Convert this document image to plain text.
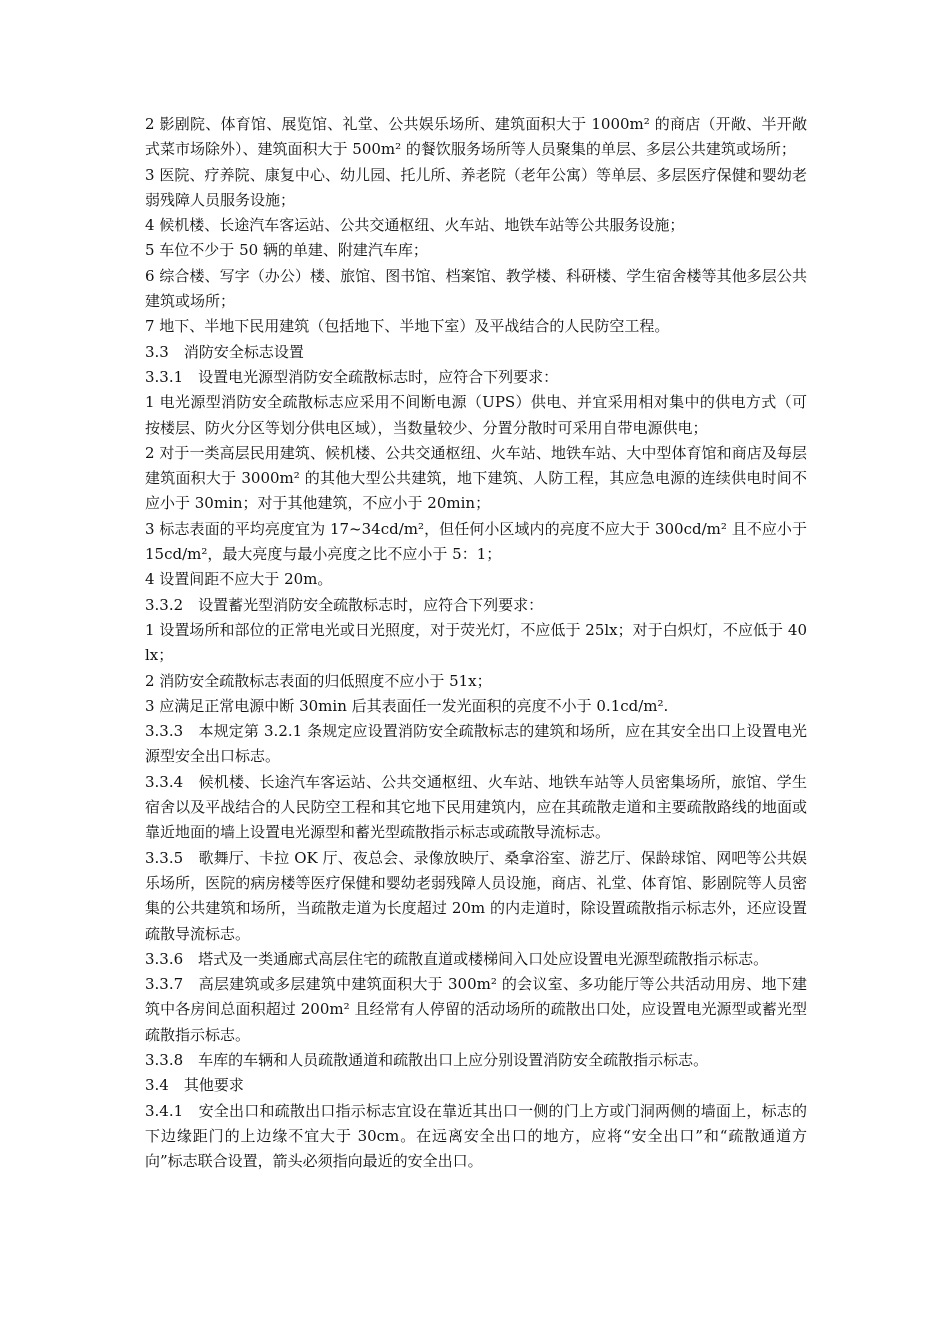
2 影剧院、体育馆、展览馆、礼堂、公共娱乐场所、建筑面积大于 1000m² 的商店（开敞、半开敞式菜市场除外）、建筑面积大于 500m² 的餐饮服务场所等人员聚集的单层、多层公共建筑或场所；

3 医院、疗养院、康复中心、幼儿园、托儿所、养老院（老年公寓）等单层、多层医疗保健和婴幼老弱残障人员服务设施；

4 候机楼、长途汽车客运站、公共交通枢纽、火车站、地铁车站等公共服务设施；

5 车位不少于 50 辆的单建、附建汽车库；

6 综合楼、写字（办公）楼、旅馆、图书馆、档案馆、教学楼、科研楼、学生宿舍楼等其他多层公共建筑或场所；

7 地下、半地下民用建筑（包括地下、半地下室）及平战结合的人民防空工程。

3.3　消防安全标志设置

3.3.1　设置电光源型消防安全疏散标志时，应符合下列要求：

1 电光源型消防安全疏散标志应采用不间断电源（UPS）供电、并宜采用相对集中的供电方式（可按楼层、防火分区等划分供电区域），当数量较少、分置分散时可采用自带电源供电；

2 对于一类高层民用建筑、候机楼、公共交通枢纽、火车站、地铁车站、大中型体育馆和商店及每层建筑面积大于 3000m² 的其他大型公共建筑，地下建筑、人防工程，其应急电源的连续供电时间不应小于 30min；对于其他建筑，不应小于 20min；

3 标志表面的平均亮度宜为 17~34cd/m²，但任何小区域内的亮度不应大于 300cd/m² 且不应小于 15cd/m²，最大亮度与最小亮度之比不应小于 5：1；

4 设置间距不应大于 20m。

3.3.2　设置蓄光型消防安全疏散标志时，应符合下列要求：

1 设置场所和部位的正常电光或日光照度，对于荧光灯，不应低于 25lx；对于白炽灯，不应低于 40lx；

2 消防安全疏散标志表面的归低照度不应小于 51x；

3 应满足正常电源中断 30min 后其表面任一发光面积的亮度不小于 0.1cd/m².

3.3.3　本规定第 3.2.1 条规定应设置消防安全疏散标志的建筑和场所，应在其安全出口上设置电光源型安全出口标志。

3.3.4　候机楼、长途汽车客运站、公共交通枢纽、火车站、地铁车站等人员密集场所，旅馆、学生宿舍以及平战结合的人民防空工程和其它地下民用建筑内，应在其疏散走道和主要疏散路线的地面或靠近地面的墙上设置电光源型和蓄光型疏散指示标志或疏散导流标志。

3.3.5　歌舞厅、卡拉 OK 厅、夜总会、录像放映厅、桑拿浴室、游艺厅、保龄球馆、网吧等公共娱乐场所，医院的病房楼等医疗保健和婴幼老弱残障人员设施，商店、礼堂、体育馆、影剧院等人员密集的公共建筑和场所，当疏散走道为长度超过 20m 的内走道时，除设置疏散指示标志外，还应设置疏散导流标志。

3.3.6　塔式及一类通廊式高层住宅的疏散直道或楼梯间入口处应设置电光源型疏散指示标志。

3.3.7　高层建筑或多层建筑中建筑面积大于 300m² 的会议室、多功能厅等公共活动用房、地下建筑中各房间总面积超过 200m² 且经常有人停留的活动场所的疏散出口处，应设置电光源型或蓄光型疏散指示标志。

3.3.8　车库的车辆和人员疏散通道和疏散出口上应分别设置消防安全疏散指示标志。

3.4　其他要求

3.4.1　安全出口和疏散出口指示标志宜设在靠近其出口一侧的门上方或门洞两侧的墙面上，标志的下边缘距门的上边缘不宜大于 30cm。在远离安全出口的地方，应将“安全出口”和“疏散通道方向”标志联合设置，箭头必须指向最近的安全出口。
